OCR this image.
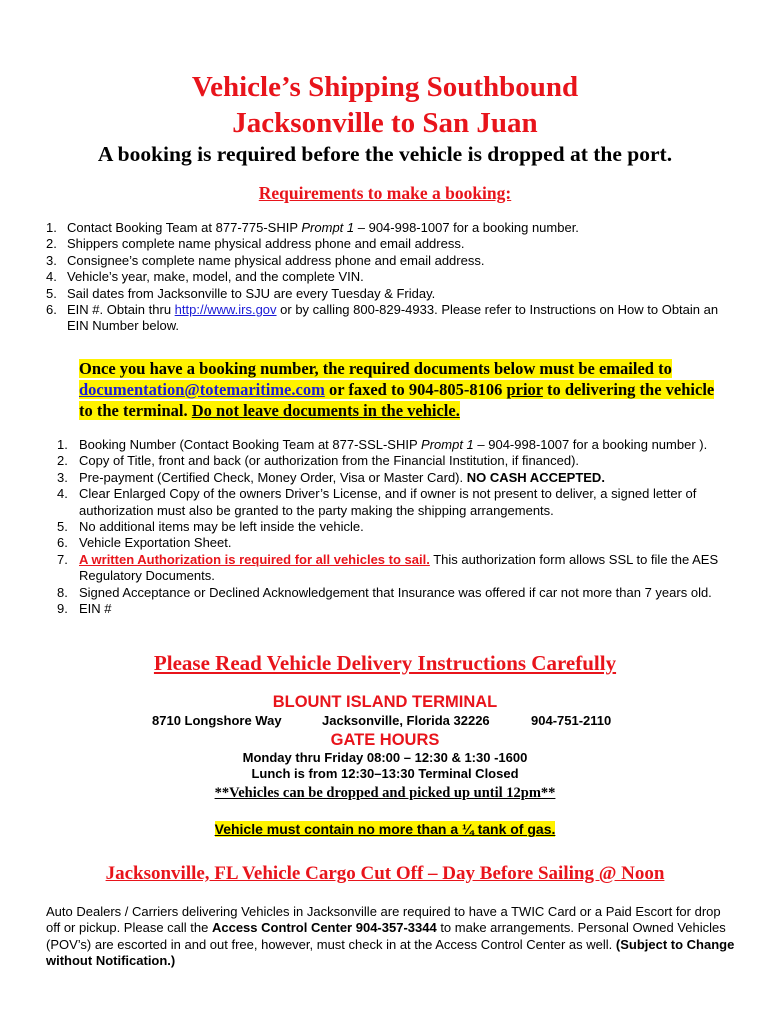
Vehicle’s Shipping Southbound
Jacksonville to San Juan
A booking is required before the vehicle is dropped at the port.
Requirements to make a booking:
1. Contact Booking Team at 877-775-SHIP Prompt 1 – 904-998-1007 for a booking number.
2. Shippers complete name physical address phone and email address.
3. Consignee’s complete name physical address phone and email address.
4. Vehicle’s year, make, model, and the complete VIN.
5. Sail dates from Jacksonville to SJU are every Tuesday & Friday.
6. EIN #. Obtain thru http://www.irs.gov or by calling 800-829-4933. Please refer to Instructions on How to Obtain an EIN Number below.
Once you have a booking number, the required documents below must be emailed to documentation@totemaritime.com or faxed to 904-805-8106 prior to delivering the vehicle to the terminal. Do not leave documents in the vehicle.
1. Booking Number (Contact Booking Team at 877-SSL-SHIP Prompt 1 – 904-998-1007 for a booking number ).
2. Copy of Title, front and back (or authorization from the Financial Institution, if financed).
3. Pre-payment (Certified Check, Money Order, Visa or Master Card). NO CASH ACCEPTED.
4. Clear Enlarged Copy of the owners Driver’s License, and if owner is not present to deliver, a signed letter of authorization must also be granted to the party making the shipping arrangements.
5. No additional items may be left inside the vehicle.
6. Vehicle Exportation Sheet.
7. A written Authorization is required for all vehicles to sail. This authorization form allows SSL to file the AES Regulatory Documents.
8. Signed Acceptance or Declined Acknowledgement that Insurance was offered if car not more than 7 years old.
9. EIN #
Please Read Vehicle Delivery Instructions Carefully
BLOUNT ISLAND TERMINAL
8710 Longshore Way	Jacksonville, Florida 32226	904-751-2110
GATE HOURS
Monday thru Friday 08:00 – 12:30 & 1:30 -1600
Lunch is from 12:30–13:30 Terminal Closed
**Vehicles can be dropped and picked up until 12pm**
Vehicle must contain no more than a ¼ tank of gas.
Jacksonville, FL Vehicle Cargo Cut Off – Day Before Sailing @ Noon
Auto Dealers / Carriers delivering Vehicles in Jacksonville are required to have a TWIC Card or a Paid Escort for drop off or pickup. Please call the Access Control Center 904-357-3344 to make arrangements. Personal Owned Vehicles (POV’s) are escorted in and out free, however, must check in at the Access Control Center as well. (Subject to Change without Notification.)
